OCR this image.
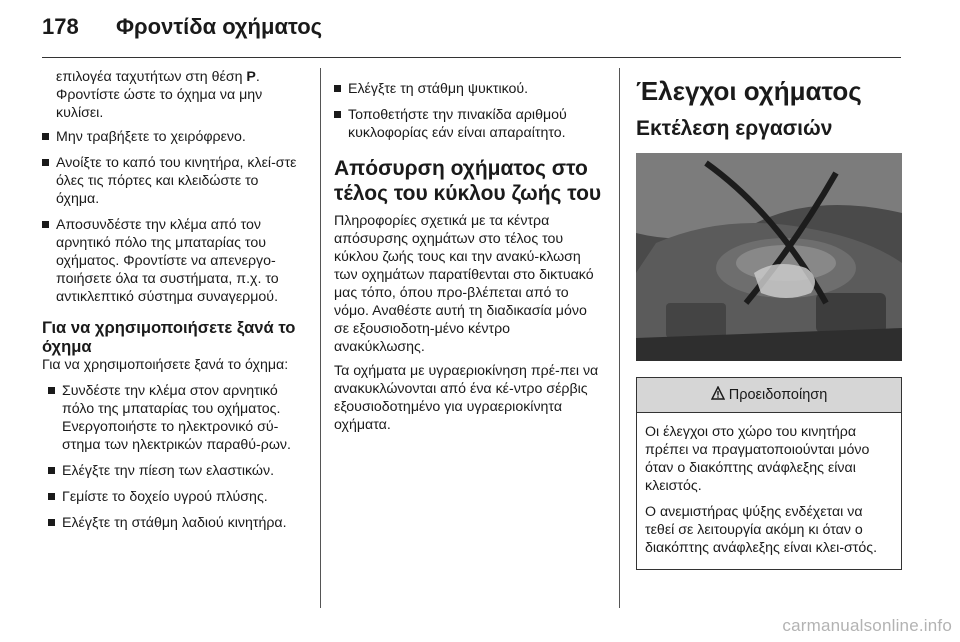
178 Φροντίδα οχήματος

επιλογέα ταχυτήτων στη θέση P. Φροντίστε ώστε το όχημα να μην κυλίσει.

Μην τραβήξετε το χειρόφρενο.
Ανοίξτε το καπό του κινητήρα, κλεί-στε όλες τις πόρτες και κλειδώστε το όχημα.
Αποσυνδέστε την κλέμα από τον αρνητικό πόλο της μπαταρίας του οχήματος. Φροντίστε να απενεργο-ποιήσετε όλα τα συστήματα, π.χ. το αντικλεπτικό σύστημα συναγερμού.
Για να χρησιμοποιήσετε ξανά το όχημα

Για να χρησιμοποιήσετε ξανά το όχημα:

Συνδέστε την κλέμα στον αρνητικό πόλο της μπαταρίας του οχήματος. Ενεργοποιήστε το ηλεκτρονικό σύ-στημα των ηλεκτρικών παραθύ-ρων.
Ελέγξτε την πίεση των ελαστικών.
Γεμίστε το δοχείο υγρού πλύσης.
Ελέγξτε τη στάθμη λαδιού κινητήρα.
Ελέγξτε τη στάθμη ψυκτικού.
Τοποθετήστε την πινακίδα αριθμού κυκλοφορίας εάν είναι απαραίτητο.
Απόσυρση οχήματος στο τέλος του κύκλου ζωής του

Πληροφορίες σχετικά με τα κέντρα απόσυρσης οχημάτων στο τέλος του κύκλου ζωής τους και την ανακύ-κλωση των οχημάτων παρατίθενται στο δικτυακό μας τόπο, όπου προ-βλέπεται από το νόμο. Αναθέστε αυτή τη διαδικασία μόνο σε εξουσιοδοτη-μένο κέντρο ανακύκλωσης.

Τα οχήματα με υγραεριοκίνηση πρέ-πει να ανακυκλώνονται από ένα κέ-ντρο σέρβις εξουσιοδοτημένο για υγραεριοκίνητα οχήματα.

Έλεγχοι οχήματος
Εκτέλεση εργασιών
Προειδοποίηση

Οι έλεγχοι στο χώρο του κινητήρα πρέπει να πραγματοποιούνται μόνο όταν ο διακόπτης ανάφλεξης είναι κλειστός.

Ο ανεμιστήρας ψύξης ενδέχεται να τεθεί σε λειτουργία ακόμη κι όταν ο διακόπτης ανάφλεξης είναι κλει-στός.

carmanualsonline.info
